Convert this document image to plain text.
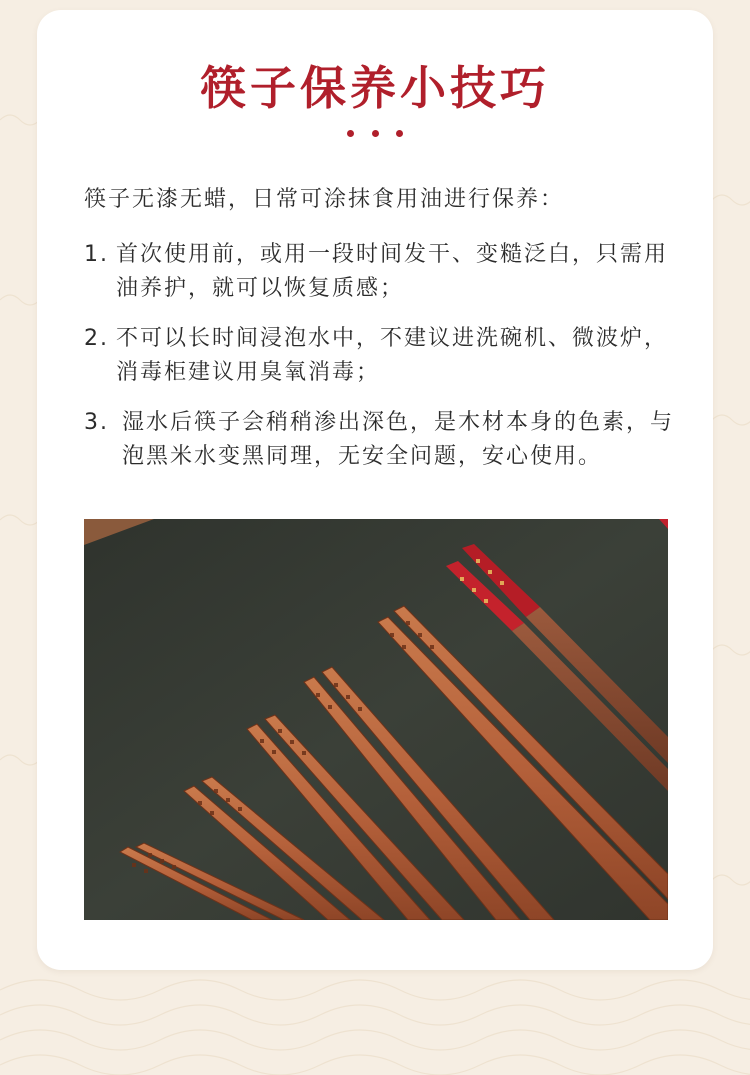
筷子保养小技巧
筷子无漆无蜡，日常可涂抹食用油进行保养：
1. 首次使用前，或用一段时间发干、变糙泛白，只需用油养护，就可以恢复质感；
2. 不可以长时间浸泡水中，不建议进洗碗机、微波炉，消毒柜建议用臭氧消毒；
3. 湿水后筷子会稍稍渗出深色，是木材本身的色素，与泡黑米水变黑同理，无安全问题，安心使用。
